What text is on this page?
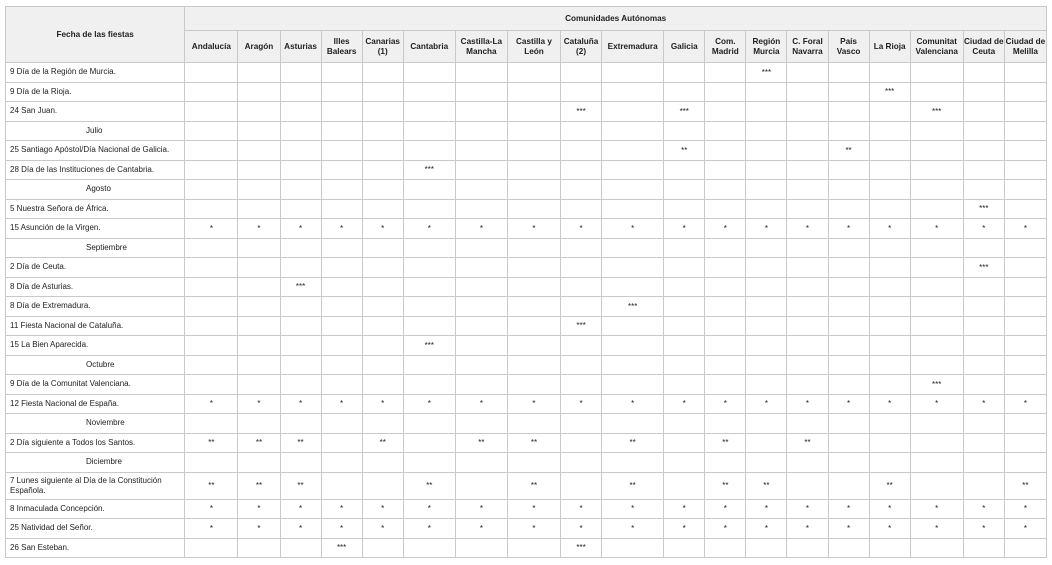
Fecha de las fiestas	Comunidades Autónomas																		
	Andalucía	Aragón	Asturias	Illes Balears	Canarias (1)	Cantabria	Castilla-La Mancha	Castilla y León	Cataluña (2)	Extremadura	Galicia	Com. Madrid	Región Murcia	C. Foral Navarra	País Vasco	La Rioja	Comunitat Valenciana	Ciudad de Ceuta	Ciudad de Melilla
9 Día de la Región de Murcia.													***						
9 Día de la Rioja.																***			
24 San Juan.									***		***						***		
Julio																			
25 Santiago Apóstol/Día Nacional de Galicia.											**				**				
28 Día de las Instituciones de Cantabria.						***													
Agosto																			
5 Nuestra Señora de África.																		***	
15 Asunción de la Virgen.	*	*	*	*	*	*	*	*	*	*	*	*	*	*	*	*	*	*	*
Septiembre																			
2 Día de Ceuta.																		***	
8 Día de Asturias.			***																
8 Día de Extremadura.										***									
11 Fiesta Nacional de Cataluña.									***										
15 La Bien Aparecida.						***													
Octubre																			
9 Día de la Comunitat Valenciana.																	***		
12 Fiesta Nacional de España.	*	*	*	*	*	*	*	*	*	*	*	*	*	*	*	*	*	*	*
Noviembre																			
2 Día siguiente a Todos los Santos.	**	**	**		**		**	**		**		**		**					
Diciembre																			
7 Lunes siguiente al Día de la Constitución Española.	**	**	**			**		**		**		**	**			**			**
8 Inmaculada Concepción.	*	*	*	*	*	*	*	*	*	*	*	*	*	*	*	*	*	*	*
25 Natividad del Señor.	*	*	*	*	*	*	*	*	*	*	*	*	*	*	*	*	*	*	*
26 San Esteban.				***					***										
